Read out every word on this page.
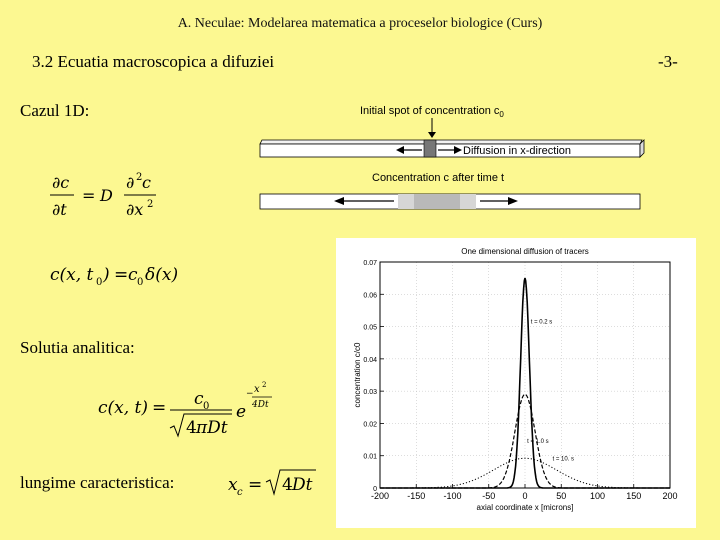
A. Neculae: Modelarea matematica a proceselor biologice (Curs)
3.2 Ecuatia macroscopica a difuziei	-3-
Cazul 1D:
∂c
∂t
= D
∂ 2 c
∂x 2
c(x, t 0 ) = c 0 δ(x)
Solutia analitica:
c(x, t) = c 0
4 πDt
e
− x 2
4Dt
lungime caracteristica:	x c = 4 Dt
Initial spot of concentration $c_0$
Diffusion in x-direction
Concentration c after time t
-200 -150 -100 -50	0	50	100 150 200
0
0.01
0.02
0.03
0.04
0.05
0.06
0.07
One dimensional diffusion of tracers
axial coordinate x [microns]
concentration c/c0
t = 0.2 s
t = 1.0 s
t = 10. s
